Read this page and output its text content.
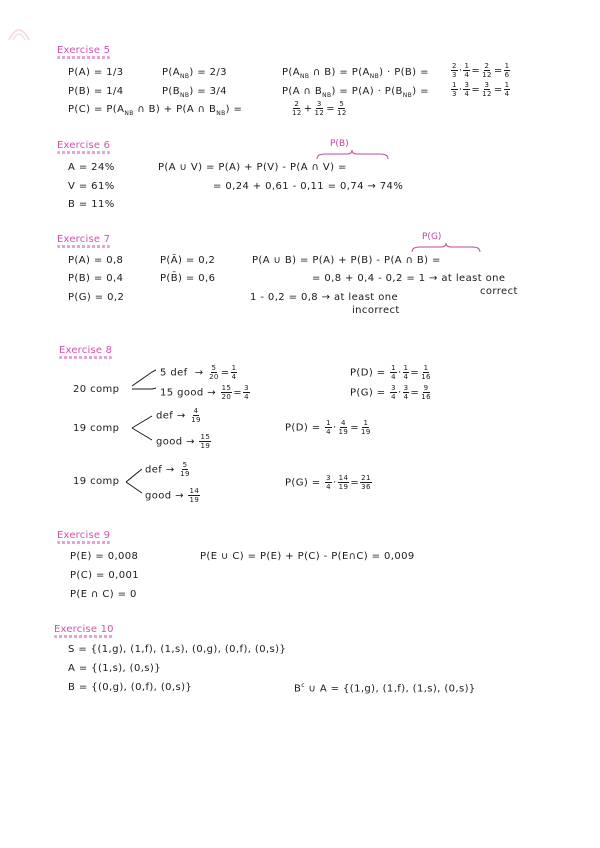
Exercise 5
P(A) = 1/3	$P(A_{NB}) = 2/3$	$P(A_{NB}$ ∩ $B) = P(A_{NB}) \cdot P(B)$ =	$\frac{2}{3} \cdot \frac{1}{4} = \frac{2}{12} = \frac{1}{6}$
P(B) = 1/4	$P(B_{NB}) = 3/4$	P(A ∩ $B_{NB}) = P(A) \cdot P(B_{NB})$ =	$\frac{1}{3} \cdot \frac{3}{4} = \frac{3}{12} = \frac{1}{4}$
$P(C) = P(A_{NB}$ ∩ B) + P(A ∩ $B_{NB}$) =	$\frac{2}{12} + \frac{3}{12} = \frac{5}{12}$
Exercise 6
A = 24%
V = 61%
B = 11%
P(B)
P(A ∪ V) = P(A) + P(V) - P(A ∩ V) =
= 0,24 + 0,61 - 0,11 = 0,74 → 74%
Exercise 7
P(A) = 0,8	P(Ā) = 0,2
P(B) = 0,4	P(B̄) = 0,6
P(G) = 0,2
P(G)
P(A ∪ B) = P(A) + P(B) - P(A ∩ B) =
= 0,8 + 0,4 - 0,2 = 1 → at least one
correct
1 - 0,2 = 0,8 → at least one
incorrect
Exercise 8
20 comp
5 def  → $\frac{5}{20} = \frac{1}{4}$
15 good → $\frac{15}{20} = \frac{3}{4}$
$P(D) = \frac{1}{4} \cdot \frac{1}{4} = \frac{1}{16}$
$P(G) = \frac{3}{4} \cdot \frac{3}{4} = \frac{9}{16}$
19 comp
def → $\frac{4}{19}$
good → $\frac{15}{19}$
$P(D) = \frac{1}{4} \cdot \frac{4}{19} = \frac{1}{19}$
19 comp
def → $\frac{5}{19}$
good → $\frac{14}{19}$
$P(G) = \frac{3}{4} \cdot \frac{14}{19} = \frac{21}{36}$
Exercise 9
P(E) = 0,008
P(C) = 0,001
P(E ∩ C) = 0
P(E ∪ C) = P(E) + P(C) - P(E∩C) = 0,009
Exercise 10
S = {(1,g), (1,f), (1,s), (0,g), (0,f), (0,s)}
A = {(1,s), (0,s)}
B = {(0,g), (0,f), (0,s)}	$B^c$ ∪ A = {(1,g), (1,f), (1,s), (0,s)}
